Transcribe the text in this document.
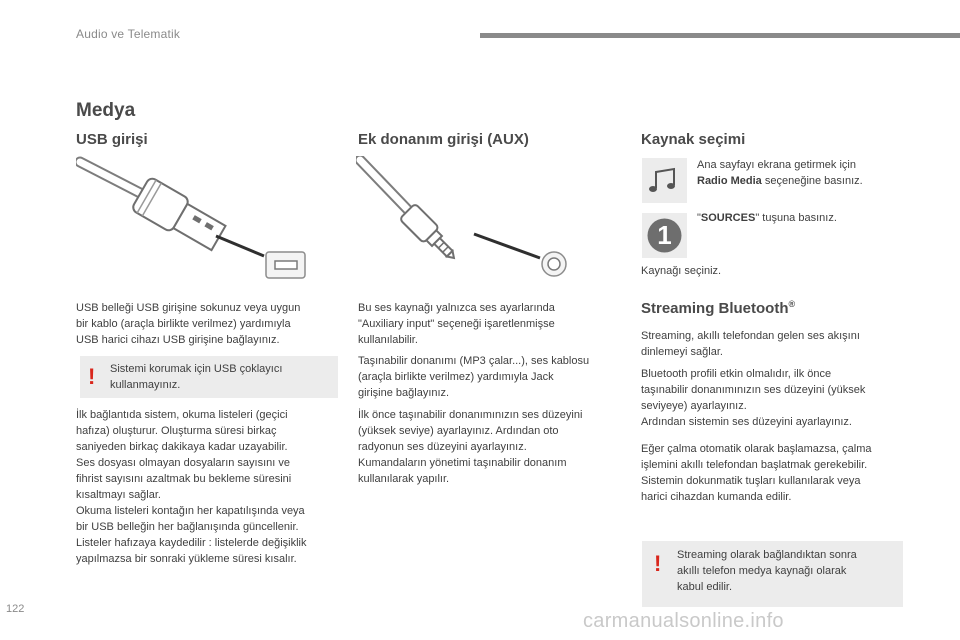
Audio ve Telematik
Medya
USB girişi
USB belleği USB girişine sokunuz veya uygun
bir kablo (araçla birlikte verilmez) yardımıyla
USB harici cihazı USB girişine bağlayınız.
! Sistemi korumak için USB çoklayıcı
kullanmayınız.
İlk bağlantıda sistem, okuma listeleri (geçici
hafıza) oluşturur. Oluşturma süresi birkaç
saniyeden birkaç dakikaya kadar uzayabilir.
Ses dosyası olmayan dosyaların sayısını ve
fihrist sayısını azaltmak bu bekleme süresini
kısaltmayı sağlar.
Okuma listeleri kontağın her kapatılışında veya
bir USB belleğin her bağlanışında güncellenir.
Listeler hafızaya kaydedilir : listelerde değişiklik
yapılmazsa bir sonraki yükleme süresi kısalır.
Ek donanım girişi (AUX)
Bu ses kaynağı yalnızca ses ayarlarında
"Auxiliary input" seçeneği işaretlenmişse
kullanılabilir.
Taşınabilir donanımı (MP3 çalar...), ses kablosu
(araçla birlikte verilmez) yardımıyla Jack
girişine bağlayınız.
İlk önce taşınabilir donanımınızın ses düzeyini
(yüksek seviye) ayarlayınız. Ardından oto
radyonun ses düzeyini ayarlayınız.
Kumandaların yönetimi taşınabilir donanım
kullanılarak yapılır.
Kaynak seçimi
Ana sayfayı ekrana getirmek için
Radio Media seçeneğine basınız.
1
"SOURCES" tuşuna basınız.
Kaynağı seçiniz.
Streaming Bluetooth®
Streaming, akıllı telefondan gelen ses akışını
dinlemeyi sağlar.
Bluetooth profili etkin olmalıdır, ilk önce
taşınabilir donanımınızın ses düzeyini (yüksek
seviyeye) ayarlayınız.
Ardından sistemin ses düzeyini ayarlayınız.
Eğer çalma otomatik olarak başlamazsa, çalma
işlemini akıllı telefondan başlatmak gerekebilir.
Sistemin dokunmatik tuşları kullanılarak veya
harici cihazdan kumanda edilir.
! Streaming olarak bağlandıktan sonra
akıllı telefon medya kaynağı olarak
kabul edilir.
122
carmanualsonline.info
